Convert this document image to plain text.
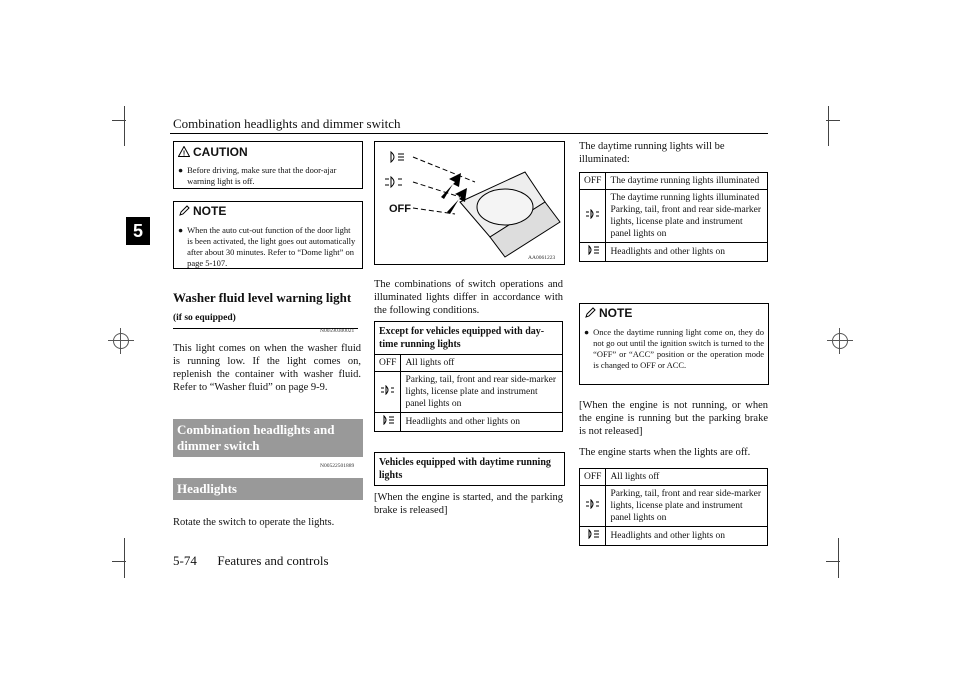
Combination headlights and dimmer switch
5
! CAUTION
● Before driving, make sure that the door-ajar warning light is off.
NOTE
● When the auto cut-out function of the door light is been activated, the light goes out automatically after about 30 minutes. Refer to “Dome light” on page 5-107.
Washer fluid level warning light (if so equipped)
N00590300021
This light comes on when the washer fluid is running low. If the light comes on, replenish the container with washer fluid. Refer to “Washer fluid” on page 9-9.
Combination headlights and dimmer switch
N00522501889
Headlights
Rotate the switch to operate the lights.
OFF
AA0061223
The combinations of switch operations and illuminated lights differ in accordance with the following conditions.
Except for vehicles equipped with day-time running lights
OFF	All lights off
	Parking, tail, front and rear side-marker lights, license plate and instrument panel lights on
	Headlights and other lights on
Vehicles equipped with daytime running lights
[When the engine is started, and the parking brake is released]
The daytime running lights will be illuminated:
OFF	The daytime running lights illuminated
	The daytime running lights illuminated Parking, tail, front and rear side-marker lights, license plate and instrument panel lights on
	Headlights and other lights on
NOTE
● Once the daytime running light come on, they do not go out until the ignition switch is turned to the “OFF” or “ACC” position or the operation mode is changed to OFF or ACC.
[When the engine is not running, or when the engine is running but the parking brake is not released]
The engine starts when the lights are off.
OFF	All lights off
	Parking, tail, front and rear side-marker lights, license plate and instrument panel lights on
	Headlights and other lights on
5-74 Features and controls
